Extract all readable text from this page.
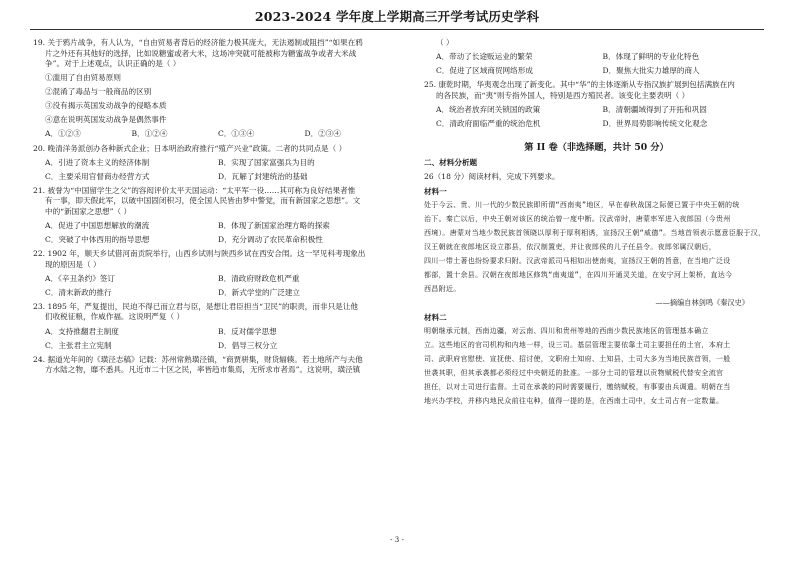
2023-2024 学年度上学期高三开学考试历史学科
19. 关于鸦片战争，有人认为，“自由贸易者背后的经济能力极其庞大，无法遏制或阻挡”“如果在鸦
片之外还有其他好的选择，比如说糖蜜或者大米，这场冲突就可能被称为糖蜜战争或者大米战
争”。对于上述观点，认识正确的是（ ）
①滥用了自由贸易原则
②混淆了毒品与一般商品的区别
③没有揭示英国发动战争的侵略本质
④意在说明英国发动战争是偶然事件
A．①②③	B．①②④	C．①③④	D．②③④
20. 晚清洋务派创办各种新式企业；日本明治政府推行“殖产兴业”政策。二者的共同点是（ ）
A．引进了资本主义的经济体制	B．实现了国家富强兵为目的
C．主要采用官督商办经营方式	D．瓦解了封建统治的基础
21. 被誉为“中国留学生之父”的容闳评价太平天国运动：“太平军一役……其可称为良好结果者惟
有一事，即天假此军，以破中国固闭积习，使全国人民皆由梦中警觉，而有新国家之思想”。文
中的“新国家之思想”（ ）
A．促进了中国思想解放的潮流	B．体现了新国家治理方略的探索
C．突破了中体西用的指导思想	D．充分调动了农民革命积极性
22. 1902 年，顺天乡试借河南贡院举行，山西乡试则与陕西乡试在西安合闱。这一罕见科考现象出
现的原因是（ ）
A．《辛丑条约》签订	B．清政府财政危机严重
C．清末新政的推行	D．新式学堂的广泛建立
23. 1895 年，严复提出，民迫不得已而立君与臣，是想让君臣担当“卫民”的职责，而非只是让他
们收税征粮，作威作福。这说明严复（ ）
A．支持推翻君主制度	B．反对儒学思想
C．主张君主立宪制	D．倡导三权分立
24. 据道光年间的《璜泾志稿》记载：苏州常熟璜泾镇，“商贾骈集，财货辐辏。若土地所产与夫他
方水陆之物，靡不悉具。凡近市二十区之民，率皆趋市集焉，无所求市者焉”。这说明，璜泾镇
（ ）
A．带动了长途贩运业的繁荣	B．体现了鲜明的专业化特色
C．促进了区域商贸网络形成	D．聚焦大批实力雄厚的商人
25. 康乾时期，华夷观念出现了新变化。其中“华”的主体逐渐从专指汉族扩展到包括满族在内
的各民族，而“夷”则专指外国人，特别是西方殖民者。该变化主要表明（ ）
A．统治者放弃闭关锁国的政策	B．清朝疆域得到了开拓和巩固
C．清政府面临严重的统治危机	D．世界局势影响传统文化观念
第 II 卷（非选择题，共计 50 分）
二、材料分析题
26（18 分）阅读材料，完成下列要求。
材料一
处于今云、贵、川一代的少数民族即所谓“西南夷”地区，早在春秋战国之际便已置于中央王朝的统
治下。秦亡以后，中央王朝对该区的统治曾一度中断。汉武帝时，唐蒙率军进入夜郎国（今贵州
西境）。唐蒙对当地少数民族首领晓以厚利于厚利相诱，宣扬汉王朝“威德”。当地首领表示愿意臣服于汉，
汉王朝就在夜郎地区设立郡县，依汉制置吏，并让夜郎侯的儿子任县令。夜郎邻属汉朝后，
四川一带土著也纷纷要求归附。汉武帝派司马相如出使南夷，宣扬汉王朝的旨意，在当地广泛设
都部，置十余县。汉朝在夜郎地区修筑“南夷道”，在四川开通灵关道，在安宁河上架桥，直达今
西昌附近。
——摘编自林剑鸣《秦汉史》
材料二
明朝继承元制，西南边疆，对云南、四川和贵州等地的西南少数民族地区的管理基本确立
立。这些地区的官司机构和内地一样，设三司。基层管理主要依靠土司主要担任的土官，本府土
司、武职府官慰使、宣抚使、招讨使，文职府土知府、土知县，土司大多为当地民族首领，一般
世袭其职，但其承袭都必须经过中央朝廷的批准。一部分土司的管理以贡物赋税代替安全流官
担任，以对土司进行监督。土司在承袭的同时需要履行，缴纳赋税，有事要由兵调遣。明朝在当
地兴办学校，并移内地民众前往屯种，值得一提的是，在西南土司中，女土司占有一定数量。
- 3 -
